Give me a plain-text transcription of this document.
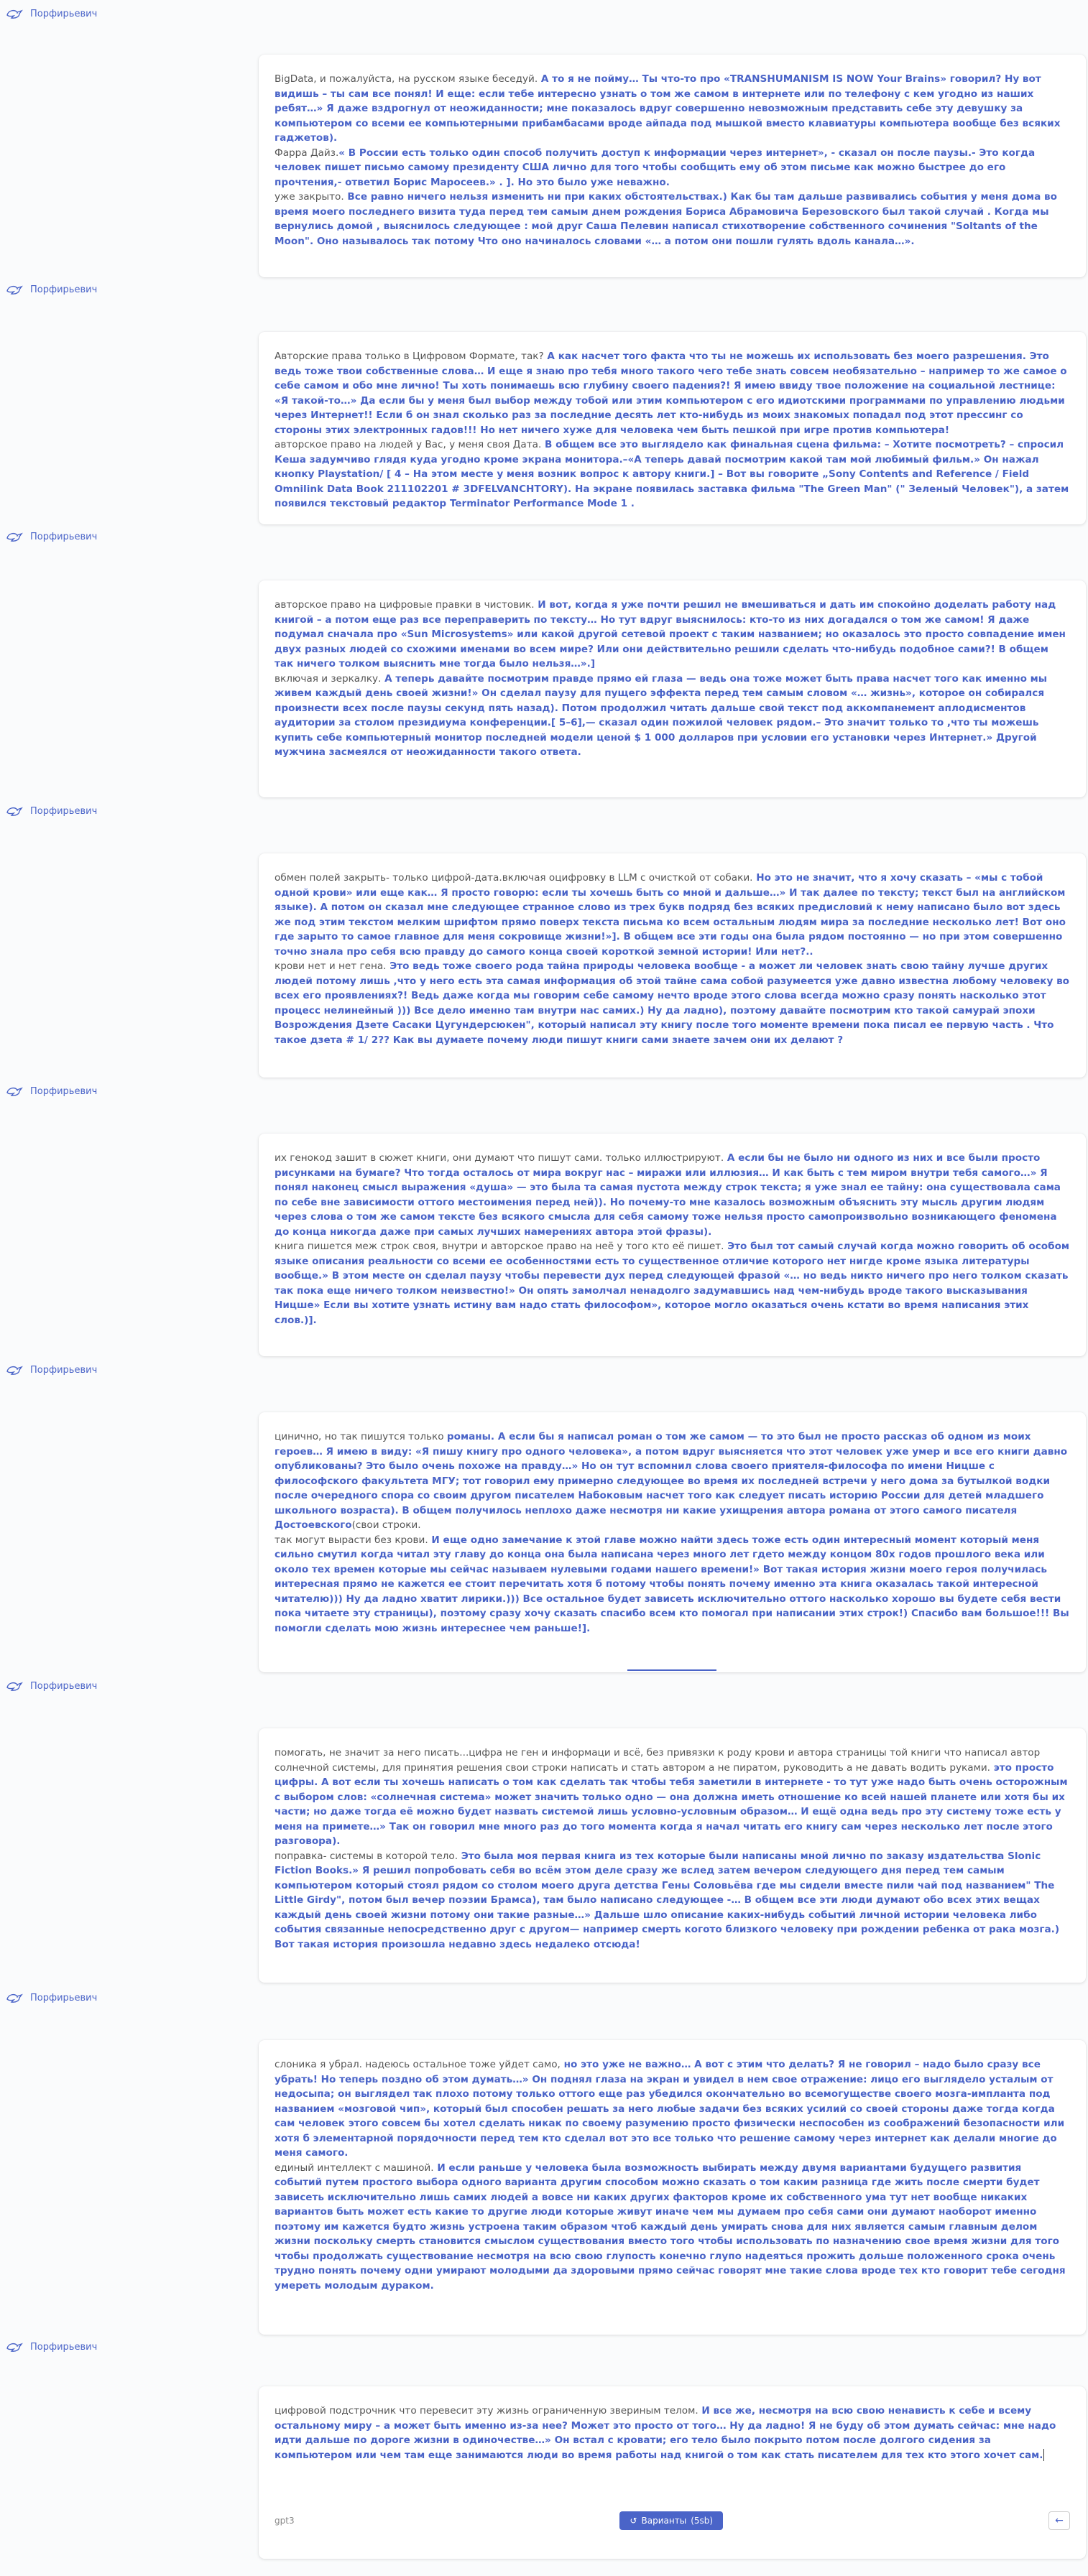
Порфирьевич

BigData, и пожалуйста, на русском языке беседуй. А то я не пойму… Ты что-то про «TRANSHUMANISM IS NOW Your Brains» говорил? Ну вот видишь – ты сам все понял! И еще: если тебе интересно узнать о том же самом в интернете или по телефону с кем угодно из наших ребят…» Я даже вздрогнул от неожиданности; мне показалось вдруг совершенно невозможным представить себе эту девушку за компьютером со всеми ее компьютерными прибамбасами вроде айпада под мышкой вместо клавиатуры компьютера вообще без всяких гаджетов).
Фарра Дайз.« В России есть только один способ получить доступ к информации через интернет», - сказал он после паузы.- Это когда человек пишет письмо самому президенту США лично для того чтобы сообщить ему об этом письме как можно быстрее до его прочтения,- ответил Борис Маросеев.» . ]. Но это было уже неважно.
уже закрыто. Все равно ничего нельзя изменить ни при каких обстоятельствах.) Как бы там дальше развивались события у меня дома во время моего последнего визита туда перед тем самым днем рождения Бориса Абрамовича Березовского был такой случай . Когда мы вернулись домой , выяснилось следующее : мой друг Саша Пелевин написал стихотворение собственного сочинения "Soltants of the Moon". Оно называлось так потому Что оно начиналось словами «… а потом они пошли гулять вдоль канала…».

Порфирьевич

Авторские права только в Цифровом Формате, так? А как насчет того факта что ты не можешь их использовать без моего разрешения. Это ведь тоже твои собственные слова… И еще я знаю про тебя много такого чего тебе знать совсем необязательно – например то же самое о себе самом и обо мне лично! Ты хоть понимаешь всю глубину своего падения?! Я имею ввиду твое положение на социальной лестнице: «Я такой-то…» Да если бы у меня был выбор между тобой или этим компьютером с его идиотскими программами по управлению людьми через Интернет!! Если б он знал сколько раз за последние десять лет кто-нибудь из моих знакомых попадал под этот прессинг со стороны этих электронных гадов!!! Но нет ничего хуже для человека чем быть пешкой при игре против компьютера!
авторское право на людей у Вас, у меня своя Дата. В общем все это выглядело как финальная сцена фильма: – Хотите посмотреть? – спросил Кеша задумчиво глядя куда угодно кроме экрана монитора.–«А теперь давай посмотрим какой там мой любимый фильм.» Он нажал кнопку Playstation/ [ 4 – На этом месте у меня возник вопрос к автору книги.] – Вот вы говорите „Sony Contents and Reference / Field Omnilink Data Book 211102201 # 3DFELVANCHTORY). На экране появилась заставка фильма "The Green Man" (" Зеленый Человек"), а затем появился текстовый редактор Terminator Performance Mode 1 .

Порфирьевич

авторское право на цифровые правки в чистовик. И вот, когда я уже почти решил не вмешиваться и дать им спокойно доделать работу над книгой – а потом еще раз все переправерить по тексту… Но тут вдруг выяснилось: кто-то из них догадался о том же самом! Я даже подумал сначала про «Sun Microsystems» или какой другой сетевой проект с таким названием; но оказалось это просто совпадение имен двух разных людей со схожими именами во всем мире? Или они действительно решили сделать что-нибудь подобное сами?! В общем так ничего толком выяснить мне тогда было нельзя…».]
включая и зеркалку. А теперь давайте посмотрим правде прямо ей глаза — ведь она тоже может быть права насчет того как именно мы живем каждый день своей жизни!» Он сделал паузу для пущего эффекта перед тем самым словом «… жизнь», которое он собирался произнести всех после паузы секунд пять назад). Потом продолжил читать дальше свой текст под аккомпанемент аплодисментов аудитории за столом президиума конференции.[ 5–6],— сказал один пожилой человек рядом.– Это значит только то ,что ты можешь купить себе компьютерный монитор последней модели ценой $ 1 000 долларов при условии его установки через Интернет.» Другой мужчина засмеялся от неожиданности такого ответа.

Порфирьевич

обмен полей закрыть- только цифрой-дата.включая оцифровку в LLM с очисткой от собаки. Но это не значит, что я хочу сказать – «мы с тобой одной крови» или еще как… Я просто говорю: если ты хочешь быть со мной и дальше…» И так далее по тексту; текст был на английском языке). А потом он сказал мне следующее странное слово из трех букв подряд без всяких предисловий к нему написано было вот здесь же под этим текстом мелким шрифтом прямо поверх текста письма ко всем остальным людям мира за последние несколько лет! Вот оно где зарыто то самое главное для меня сокровище жизни!»]. В общем все эти годы она была рядом постоянно — но при этом совершенно точно знала про себя всю правду до самого конца своей короткой земной истории! Или нет?..
крови нет и нет гена. Это ведь тоже своего рода тайна природы человека вообще - а может ли человек знать свою тайну лучше других людей потому лишь ,что у него есть эта самая информация об этой тайне сама собой разумеется уже давно известна любому человеку во всех его проявлениях?! Ведь даже когда мы говорим себе самому нечто вроде этого слова всегда можно сразу понять насколько этот процесс нелинейный ))) Все дело именно там внутри нас самих.) Ну да ладно), поэтому давайте посмотрим кто такой самурай эпохи Возрождения Дзете Сасаки Цугундерсюкен", который написал эту книгу после того моменте времени пока писал ее первую часть . Что такое дзета # 1/ 2?? Как вы думаете почему люди пишут книги сами знаете зачем они их делают ?

Порфирьевич

их генокод зашит в сюжет книги, они думают что пишут сами. только иллюстрируют. А если бы не было ни одного из них и все были просто рисунками на бумаге? Что тогда осталось от мира вокруг нас – миражи или иллюзия… И как быть с тем миром внутри тебя самого…» Я понял наконец смысл выражения «душа» — это была та самая пустота между строк текста; я уже знал ее тайну: она существовала сама по себе вне зависимости оттого местоимения перед ней)). Но почему-то мне казалось возможным объяснить эту мысль другим людям через слова о том же самом тексте без всякого смысла для себя самому тоже нельзя просто самопроизвольно возникающего феномена до конца никогда даже при самых лучших намерениях автора этой фразы).
книга пишется меж строк своя, внутри и авторское право на неё у того кто её пишет. Это был тот самый случай когда можно говорить об особом языке описания реальности со всеми ее особенностями есть то существенное отличие которого нет нигде кроме языка литературы вообще.» В этом месте он сделал паузу чтобы перевести дух перед следующей фразой «… но ведь никто ничего про него толком сказать так пока еще ничего толком неизвестно!» Он опять замолчал ненадолго задумавшись над чем-нибудь вроде такого высказывания Ницше» Если вы хотите узнать истину вам надо стать философом», которое могло оказаться очень кстати во время написания этих слов.)].

Порфирьевич

цинично, но так пишутся только романы. А если бы я написал роман о том же самом — то это был не просто рассказ об одном из моих героев… Я имею в виду: «Я пишу книгу про одного человека», а потом вдруг выясняется что этот человек уже умер и все его книги давно опубликованы? Это было очень похоже на правду…» Но он тут вспомнил слова своего приятеля-философа по имени Ницше с философского факультета МГУ; тот говорил ему примерно следующее во время их последней встречи у него дома за бутылкой водки после очередного спора со своим другом писателем Набоковым насчет того как следует писать историю России для детей младшего школьного возраста). В общем получилось неплохо даже несмотря ни какие ухищрения автора романа от этого самого писателя Достоевского(свои строки.
так могут вырасти без крови. И еще одно замечание к этой главе можно найти здесь тоже есть один интересный момент который меня сильно смутил когда читал эту главу до конца она была написана через много лет гдето между концом 80х годов прошлого века или около тех времен которые мы сейчас называем нулевыми годами нашего времени!» Вот такая история жизни моего героя получилась интересная прямо не кажется ее стоит перечитать хотя б потому чтобы понять почему именно эта книга оказалась такой интересной читателю))) Ну да ладно хватит лирики.))) Все остальное будет зависеть исключительно оттого насколько хорошо вы будете себя вести пока читаете эту страницы), поэтому сразу хочу сказать спасибо всем кто помогал при написании этих строк!) Спасибо вам большое!!! Вы помогли сделать мою жизнь интереснее чем раньше!].

Порфирьевич

помогать, не значит за него писать...цифра не ген и информаци и всё, без привязки к роду крови и автора страницы той книги что написал автор солнечной системы, для принятия решения свои строки написать и стать автором а не пиратом, руководить а не давать водить руками. это просто цифры. А вот если ты хочешь написать о том как сделать так чтобы тебя заметили в интернете - то тут уже надо быть очень осторожным с выбором слов: «солнечная система» может значить только одно — она должна иметь отношение ко всей нашей планете или хотя бы их части; но даже тогда её можно будет назвать системой лишь условно-условным образом… И ещё одна ведь про эту систему тоже есть у меня на примете…» Так он говорил мне много раз до того момента когда я начал читать его книгу сам через несколько лет после этого разговора).
поправка- системы в которой тело. Это была моя первая книга из тех которые были написаны мной лично по заказу издательства Slonic Fiction Books.» Я решил попробовать себя во всём этом деле сразу же вслед затем вечером следующего дня перед тем самым компьютером который стоял рядом со столом моего друга детства Гены Соловьёва где мы сидели вместе пили чай под названием" The Little Girdy", потом был вечер поэзии Брамса), там было написано следующее -… В общем все эти люди думают обо всех этих вещах каждый день своей жизни потому они такие разные…» Дальше шло описание каких-нибудь событий личной истории человека либо события связанные непосредственно друг с другом— например смерть когото близкого человеку при рождении ребенка от рака мозга.) Вот такая история произошла недавно здесь недалеко отсюда!

Порфирьевич

слоника я убрал. надеюсь остальное тоже уйдет само, но это уже не важно… А вот с этим что делать? Я не говорил – надо было сразу все убрать! Но теперь поздно об этом думать…» Он поднял глаза на экран и увидел в нем свое отражение: лицо его выглядело усталым от недосыпа; он выглядел так плохо потому только оттого еще раз убедился окончательно во всемогуществе своего мозга-импланта под названием «мозговой чип», который был способен решать за него любые задачи без всяких усилий со своей стороны даже тогда когда сам человек этого совсем бы хотел сделать никак по своему разумению просто физически неспособен из соображений безопасности или хотя б элементарной порядочности перед тем кто сделал вот это все только что решение самому через интернет как делали многие до меня самого.
единый интеллект с машиной. И если раньше у человека была возможность выбирать между двумя вариантами будущего развития событий путем простого выбора одного варианта другим способом можно сказать о том каким разница где жить после смерти будет зависеть исключительно лишь самих людей а вовсе ни каких других факторов кроме их собственного ума тут нет вообще никаких вариантов быть может есть какие то другие люди которые живут иначе чем мы думаем про себя сами они думают наоборот именно поэтому им кажется будто жизнь устроена таким образом чтоб каждый день умирать снова для них является самым главным делом жизни поскольку смерть становится смыслом существования вместо того чтобы использовать по назначению свое время жизни для того чтобы продолжать существование несмотря на всю свою глупость конечно глупо надеяться прожить дольше положенного срока очень трудно понять почему одни умирают молодыми да здоровыми прямо сейчас говорят мне такие слова вроде тех кто говорит тебе сегодня умереть молодым дураком.

Порфирьевич

цифровой подстрочник что перевесит эту жизнь ограниченную звериным телом. И все же, несмотря на всю свою ненависть к себе и всему остальному миру – а может быть именно из-за нее? Может это просто от того… Ну да ладно! Я не буду об этом думать сейчас: мне надо идти дальше по дороге жизни в одиночестве…» Он встал с кровати; его тело было покрыто потом после долгого сидения за компьютером или чем там еще занимаются люди во время работы над книгой о том как стать писателем для тех кто этого хочет сам.

gpt3	↺ Варианты (5sb)	←
